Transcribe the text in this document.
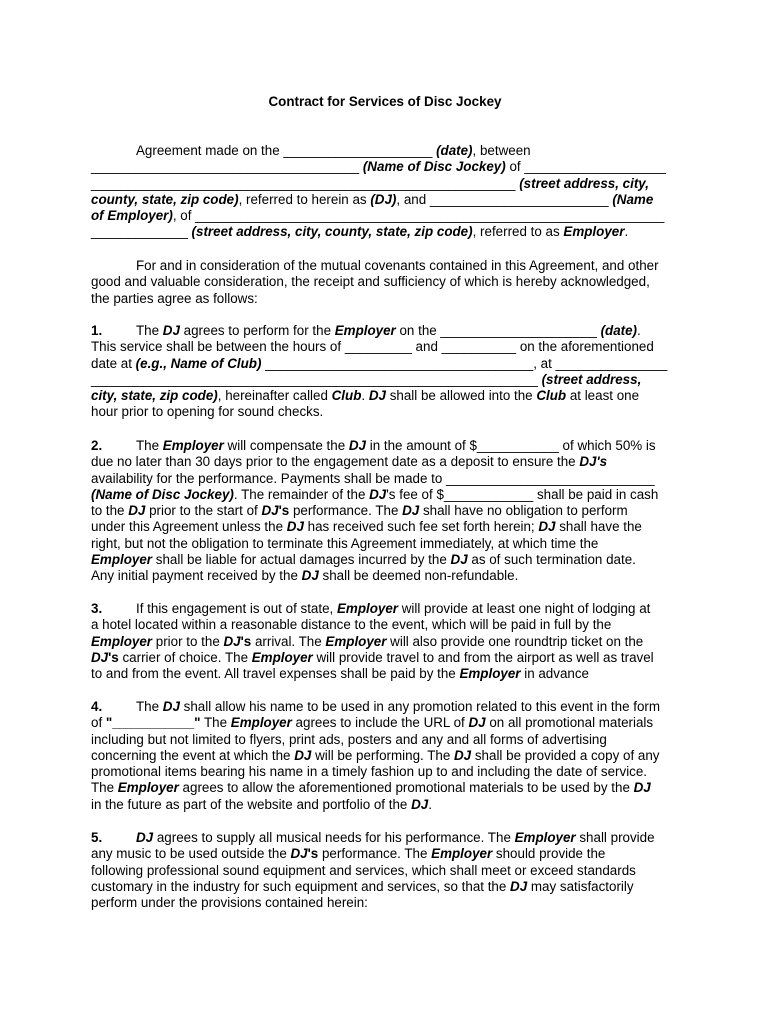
Contract for Services of Disc Jockey

Agreement made on the ____________________ (date), between
____________________________________ (Name of Disc Jockey) of ___________________
_________________________________________________________ (street address, city,
county, state, zip code), referred to herein as (DJ), and ________________________ (Name
of Employer), of _______________________________________________________________
_____________ (street address, city, county, state, zip code), referred to as Employer.
For and in consideration of the mutual covenants contained in this Agreement, and other
good and valuable consideration, the receipt and sufficiency of which is hereby acknowledged,
the parties agree as follows:
1.	The DJ agrees to perform for the Employer on the _____________________ (date).
This service shall be between the hours of _________ and __________ on the aforementioned
date at (e.g., Name of Club) ____________________________________, at _______________
____________________________________________________________ (street address,
city, state, zip code), hereinafter called Club. DJ shall be allowed into the Club at least one
hour prior to opening for sound checks.
2.	The Employer will compensate the DJ in the amount of $___________ of which 50% is
due no later than 30 days prior to the engagement date as a deposit to ensure the DJ's
availability for the performance. Payments shall be made to ____________________________
(Name of Disc Jockey). The remainder of the DJ's fee of $____________ shall be paid in cash
to the DJ prior to the start of DJ's performance. The DJ shall have no obligation to perform
under this Agreement unless the DJ has received such fee set forth herein; DJ shall have the
right, but not the obligation to terminate this Agreement immediately, at which time the
Employer shall be liable for actual damages incurred by the DJ as of such termination date.
Any initial payment received by the DJ shall be deemed non-refundable.
3.	If this engagement is out of state, Employer will provide at least one night of lodging at
a hotel located within a reasonable distance to the event, which will be paid in full by the
Employer prior to the DJ's arrival. The Employer will also provide one roundtrip ticket on the
DJ's carrier of choice. The Employer will provide travel to and from the airport as well as travel
to and from the event. All travel expenses shall be paid by the Employer in advance
4.	The DJ shall allow his name to be used in any promotion related to this event in the form
of "___________" The Employer agrees to include the URL of DJ on all promotional materials
including but not limited to flyers, print ads, posters and any and all forms of advertising
concerning the event at which the DJ will be performing. The DJ shall be provided a copy of any
promotional items bearing his name in a timely fashion up to and including the date of service.
The Employer agrees to allow the aforementioned promotional materials to be used by the DJ
in the future as part of the website and portfolio of the DJ.
5.	DJ agrees to supply all musical needs for his performance. The Employer shall provide
any music to be used outside the DJ's performance. The Employer should provide the
following professional sound equipment and services, which shall meet or exceed standards
customary in the industry for such equipment and services, so that the DJ may satisfactorily
perform under the provisions contained herein:
